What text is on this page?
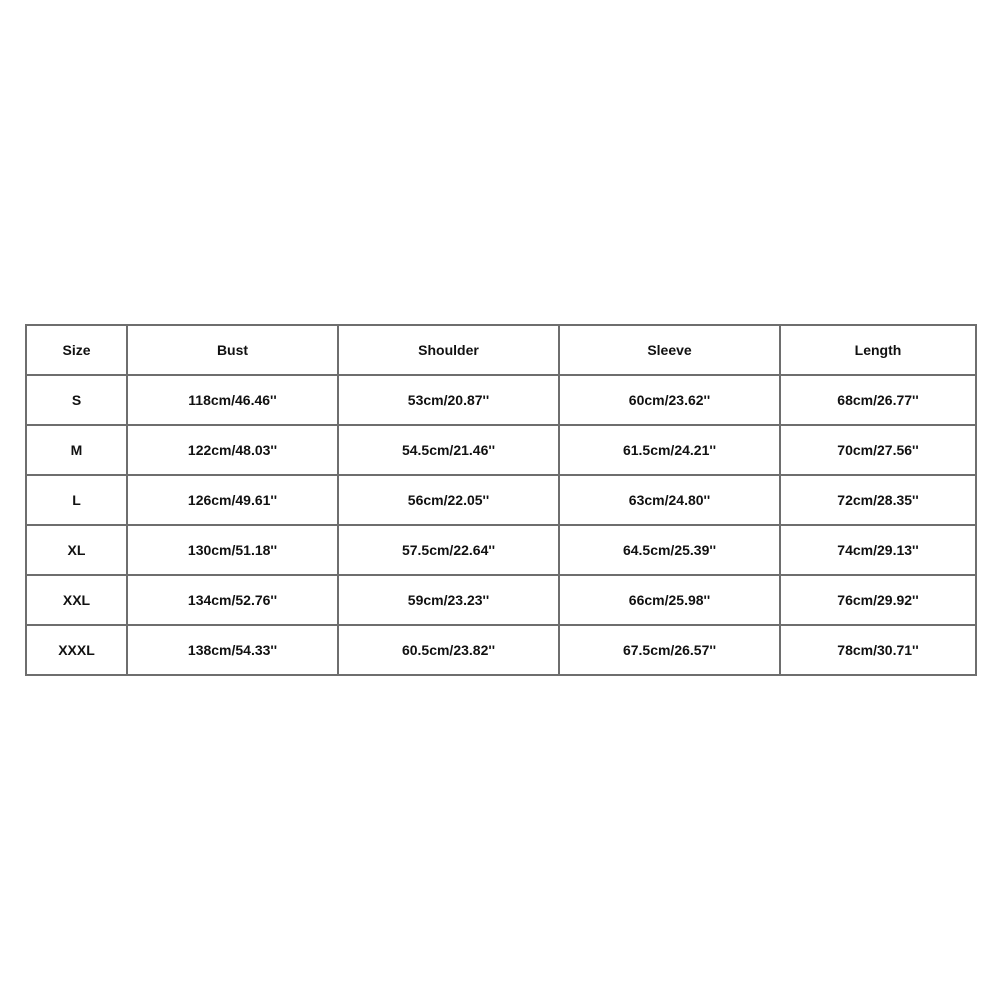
Size	Bust	Shoulder	Sleeve	Length
S	118cm/46.46''	53cm/20.87''	60cm/23.62''	68cm/26.77''
M	122cm/48.03''	54.5cm/21.46''	61.5cm/24.21''	70cm/27.56''
L	126cm/49.61''	56cm/22.05''	63cm/24.80''	72cm/28.35''
XL	130cm/51.18''	57.5cm/22.64''	64.5cm/25.39''	74cm/29.13''
XXL	134cm/52.76''	59cm/23.23''	66cm/25.98''	76cm/29.92''
XXXL	138cm/54.33''	60.5cm/23.82''	67.5cm/26.57''	78cm/30.71''
